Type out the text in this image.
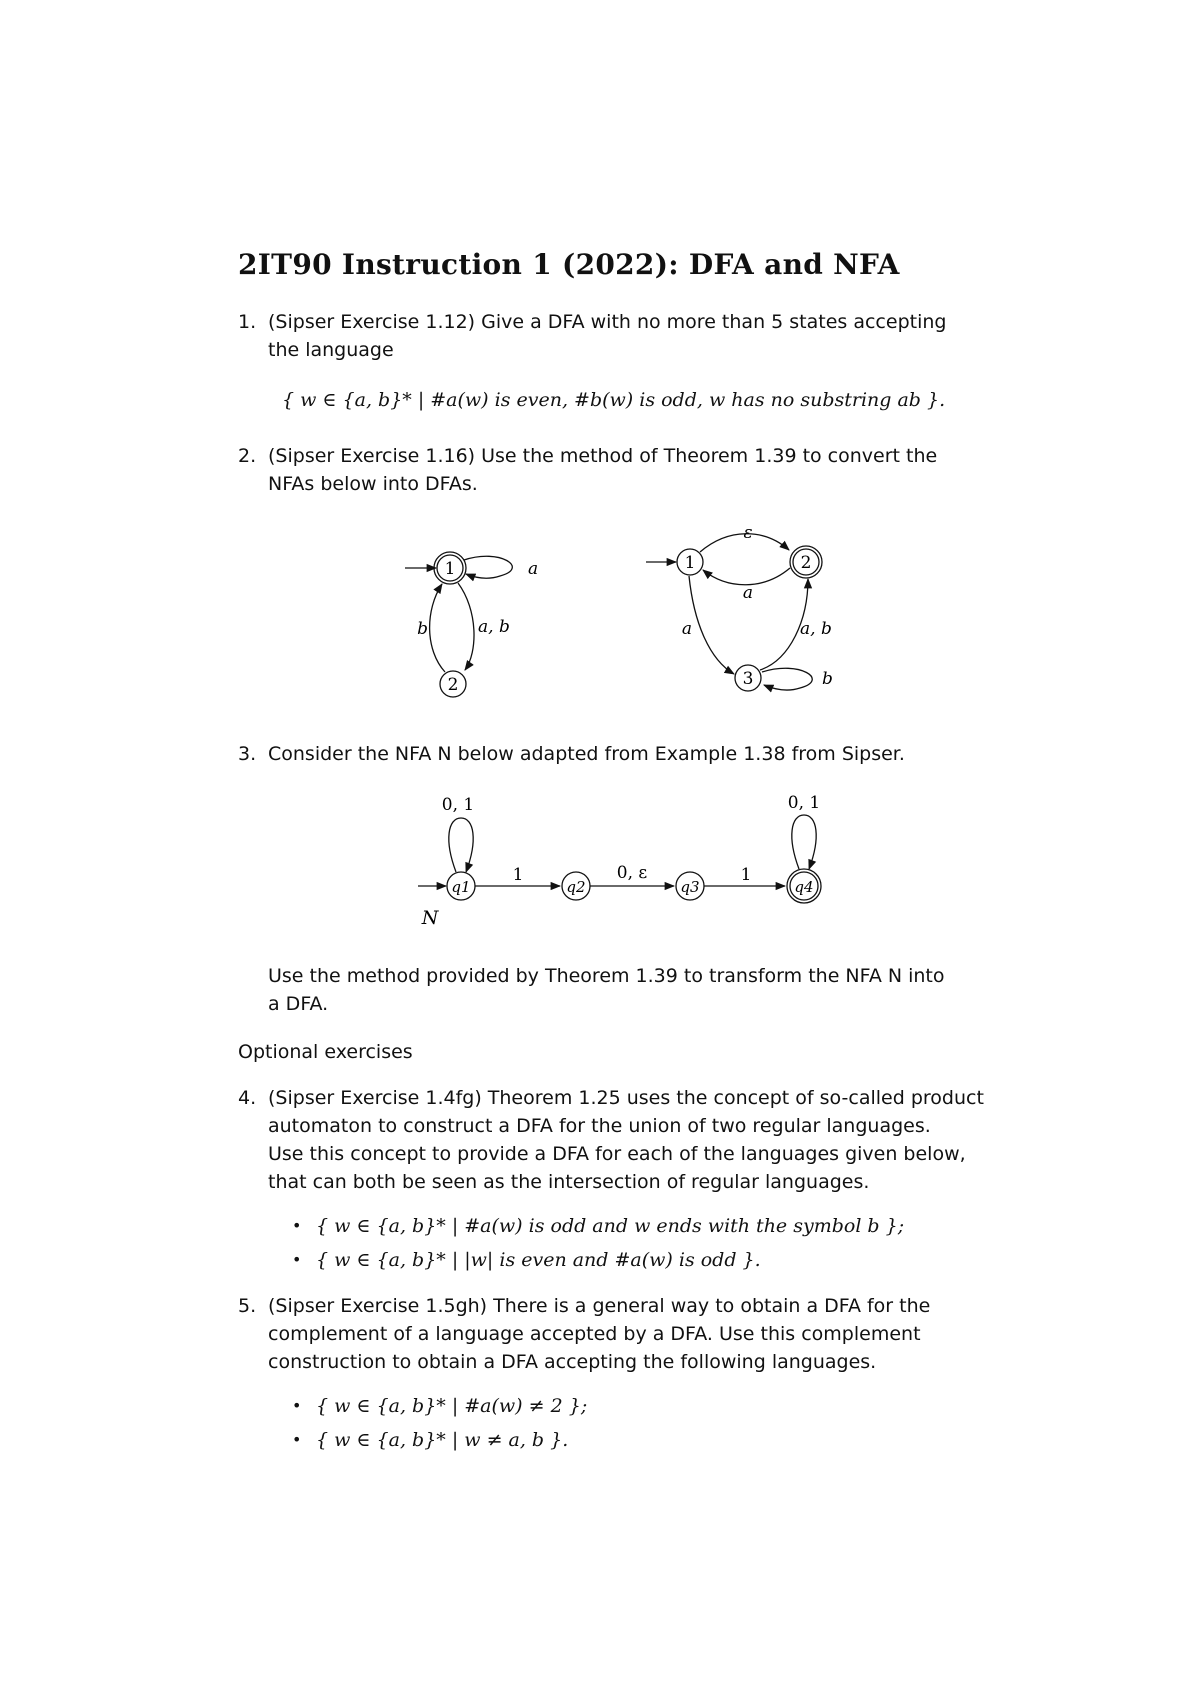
2IT90 Instruction 1 (2022): DFA and NFA
1. (Sipser Exercise 1.12) Give a DFA with no more than 5 states accepting
the language
{ w ∈ {a, b}* | #a(w) is even, #b(w) is odd, w has no substring ab }.
2. (Sipser Exercise 1.16) Use the method of Theorem 1.39 to convert the
NFAs below into DFAs.
1
2
a
a, b
b
1	2
3
ε
a
a	a, b
b
q1	q2	q3	q4
0, 1	0, 1
1	0, ε	1
N
3. Consider the NFA N below adapted from Example 1.38 from Sipser.
Use the method provided by Theorem 1.39 to transform the NFA N into
a DFA.
Optional exercises
4. (Sipser Exercise 1.4fg) Theorem 1.25 uses the concept of so-called product
automaton to construct a DFA for the union of two regular languages.
Use this concept to provide a DFA for each of the languages given below,
that can both be seen as the intersection of regular languages.
• { w ∈ {a, b}* | #a(w) is odd and w ends with the symbol b };
• { w ∈ {a, b}* | |w| is even and #a(w) is odd }.
5. (Sipser Exercise 1.5gh) There is a general way to obtain a DFA for the
complement of a language accepted by a DFA. Use this complement
construction to obtain a DFA accepting the following languages.
• { w ∈ {a, b}* | #a(w) ≠ 2 };
• { w ∈ {a, b}* | w ≠ a, b }.
